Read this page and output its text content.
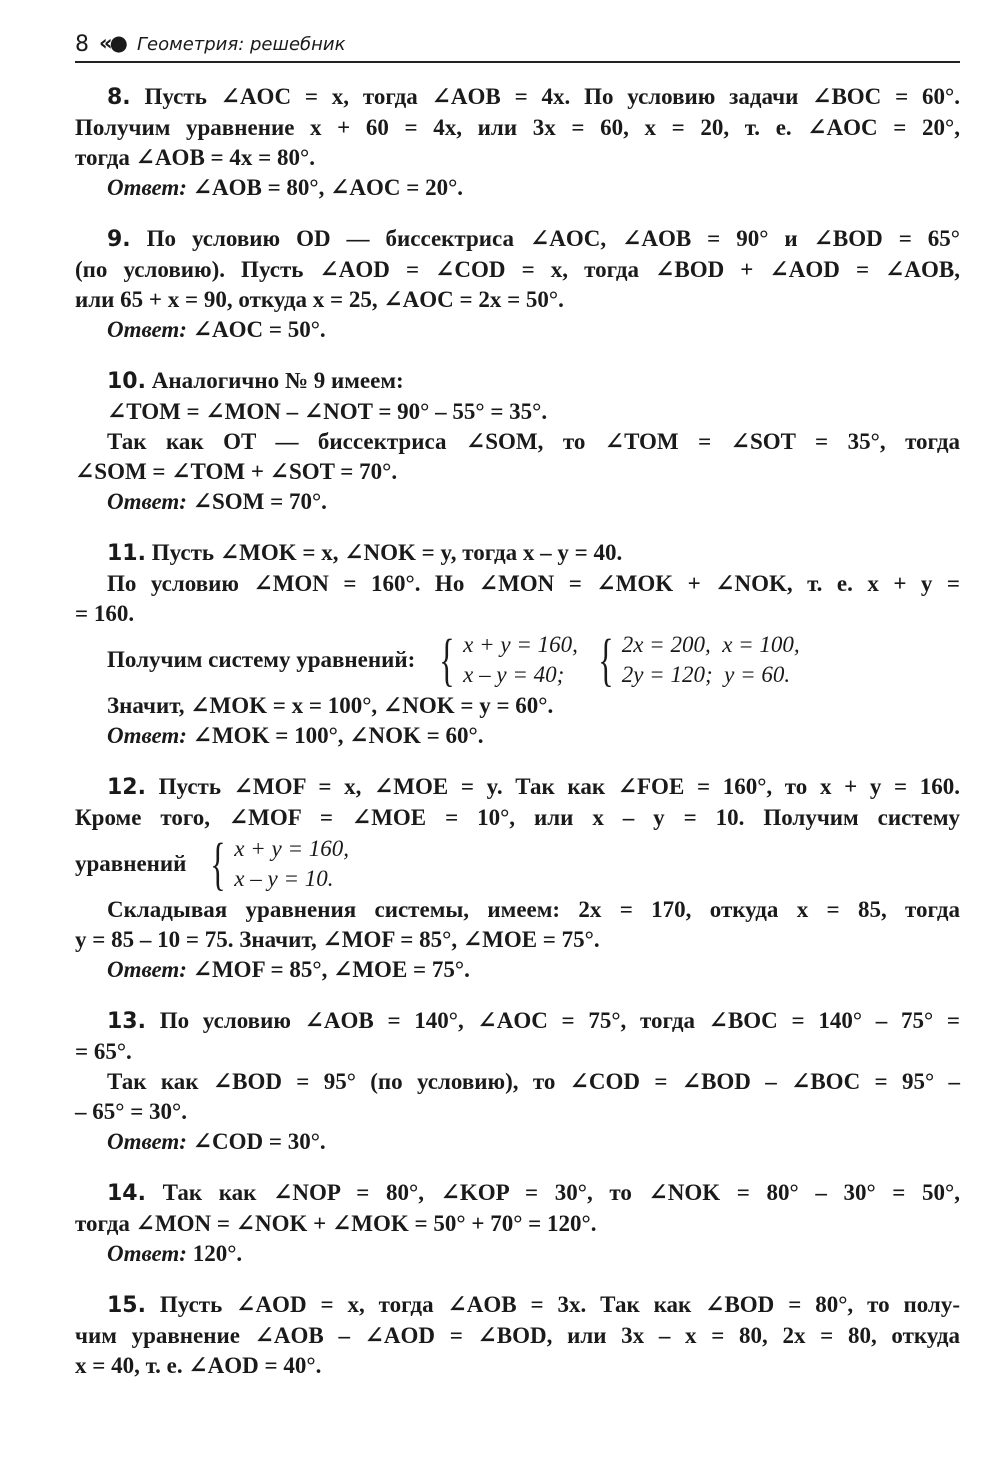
8 «● Геометрия: решебник
8. Пусть ∠AOC = x, тогда ∠AOB = 4x. По условию задачи ∠BOC = 60°.
Получим уравнение x + 60 = 4x, или 3x = 60, x = 20, т. е. ∠AOC = 20°,
тогда ∠AOB = 4x = 80°.
Ответ: ∠AOB = 80°, ∠AOC = 20°.
9. По условию OD — биссектриса ∠AOC, ∠AOB = 90° и ∠BOD = 65°
(по условию). Пусть ∠AOD = ∠COD = x, тогда ∠BOD + ∠AOD = ∠AOB,
или 65 + x = 90, откуда x = 25, ∠AOC = 2x = 50°.
Ответ: ∠AOC = 50°.
10. Аналогично № 9 имеем:
∠TOM = ∠MON – ∠NOT = 90° – 55° = 35°.
Так как OT — биссектриса ∠SOM, то ∠TOM = ∠SOT = 35°, тогда
∠SOM = ∠TOM + ∠SOT = 70°.
Ответ: ∠SOM = 70°.
11. Пусть ∠MOK = x, ∠NOK = y, тогда x – y = 40.
По условию ∠MON = 160°. Но ∠MON = ∠MOK + ∠NOK, т. е. x + y =
= 160.
Получим систему уравнений: { x + y = 160,
x – y = 40; { 2x = 200, x = 100,
2y = 120; y = 60.
Значит, ∠MOK = x = 100°, ∠NOK = y = 60°.
Ответ: ∠MOK = 100°, ∠NOK = 60°.
12. Пусть ∠MOF = x, ∠MOE = y. Так как ∠FOE = 160°, то x + y = 160.
Кроме того, ∠MOF = ∠MOE = 10°, или x – y = 10. Получим систему
уравнений { x + y = 160,
x – y = 10.
Складывая уравнения системы, имеем: 2x = 170, откуда x = 85, тогда
y = 85 – 10 = 75. Значит, ∠MOF = 85°, ∠MOE = 75°.
Ответ: ∠MOF = 85°, ∠MOE = 75°.
13. По условию ∠AOB = 140°, ∠AOC = 75°, тогда ∠BOC = 140° – 75° =
= 65°.
Так как ∠BOD = 95° (по условию), то ∠COD = ∠BOD – ∠BOC = 95° –
– 65° = 30°.
Ответ: ∠COD = 30°.
14. Так как ∠NOP = 80°, ∠KOP = 30°, то ∠NOK = 80° – 30° = 50°,
тогда ∠MON = ∠NOK + ∠MOK = 50° + 70° = 120°.
Ответ: 120°.
15. Пусть ∠AOD = x, тогда ∠AOB = 3x. Так как ∠BOD = 80°, то полу-
чим уравнение ∠AOB – ∠AOD = ∠BOD, или 3x – x = 80, 2x = 80, откуда
x = 40, т. е. ∠AOD = 40°.
